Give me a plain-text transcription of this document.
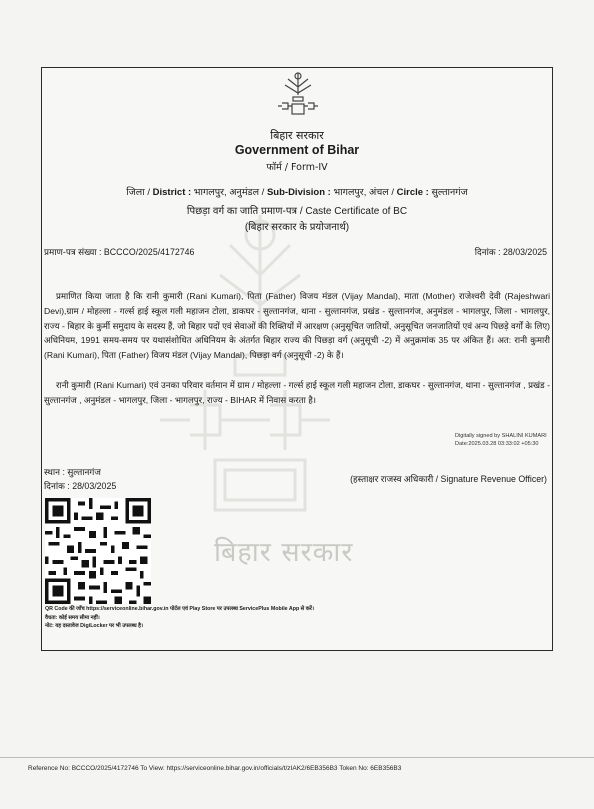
बिहार सरकार
बिहार सरकार
Government of Bihar
फॉर्म / Form-IV
जिला / District : भागलपुर, अनुमंडल / Sub-Division : भागलपुर, अंचल / Circle : सुल्तानगंज
पिछड़ा वर्ग का जाति प्रमाण-पत्र / Caste Certificate of BC
(बिहार सरकार के प्रयोजनार्थ)
प्रमाण-पत्र संख्या : BCCCO/2025/4172746	दिनांक : 28/03/2025
प्रमाणित किया जाता है कि रानी कुमारी (Rani Kumari), पिता (Father) विजय मंडल (Vijay Mandal), माता (Mother) राजेश्वरी देवी (Rajeshwari Devi),ग्राम / मोहल्ला - गर्ल्स हाई स्कूल गली महाजन टोला, डाकघर - सुल्तानगंज, थाना - सुल्तानगंज, प्रखंड - सुल्तानगंज, अनुमंडल - भागलपुर, जिला - भागलपुर, राज्य - बिहार के कुर्मी समुदाय के सदस्य हैं, जो बिहार पदों एवं सेवाओं की रिक्तियों में आरक्षण (अनुसूचित जातियों, अनुसूचित जनजातियों एवं अन्य पिछड़े वर्गों के लिए) अधिनियम, 1991 समय-समय पर यथासंशोधित अधिनियम के अंतर्गत बिहार राज्य की पिछड़ा वर्ग (अनुसूची -2) में अनुक्रमांक 35 पर अंकित हैं। अत: रानी कुमारी (Rani Kumari), पिता (Father) विजय मंडल (Vijay Mandal), पिछड़ा वर्ग (अनुसूची -2) के हैं।
रानी कुमारी (Rani Kumari) एवं उनका परिवार वर्तमान में ग्राम / मोहल्ला - गर्ल्स हाई स्कूल गली महाजन टोला, डाकघर - सुल्तानगंज, थाना - सुल्तानगंज , प्रखंड - सुल्तानगंज , अनुमंडल - भागलपुर, जिला - भागलपुर, राज्य - BIHAR में निवास करता है।
Digitally signed by SHALINI KUMARI
Date:2025.03.28 03:33:02 +05:30
स्थान : सुल्तानगंज
दिनांक : 28/03/2025
(हस्ताक्षर राजस्व अधिकारी / Signature Revenue Officer)
QR Code की जाँच https://serviceonline.bihar.gov.in पोर्टल एवं Play Store पर उपलब्ध ServicePlus Mobile App से करें।
वैधता: कोई समय सीमा नहीं।
नोट: यह दस्तावेज DigiLocker पर भी उपलब्ध है।
Reference No: BCCCO/2025/4172746 To View: https://serviceonline.bihar.gov.in/officials/t/zIAK2/6EB356B3 Token No: 6EB356B3
